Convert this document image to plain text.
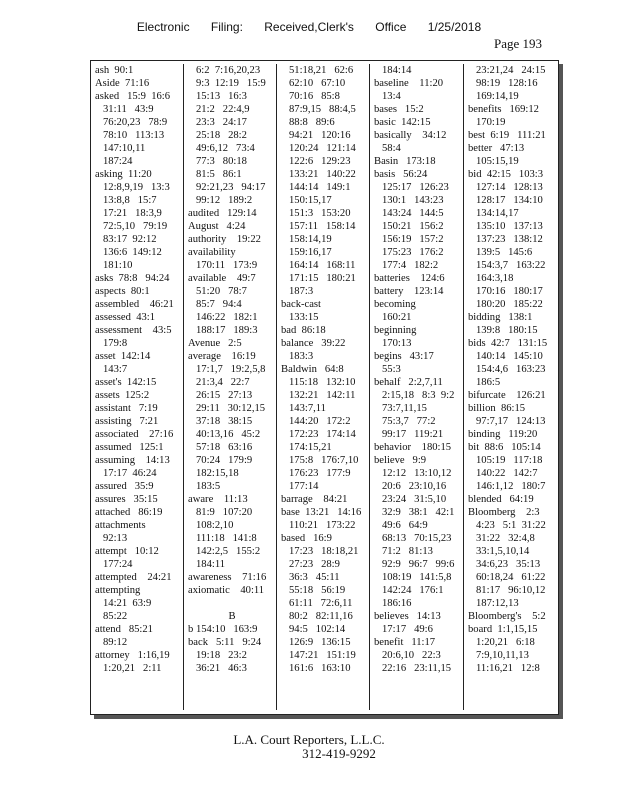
Electronic Filing: Received,Clerk's Office 1/25/2018
Page 193
ash  90:1
Aside  71:16
asked   15:9  16:6
31:11   43:9
76:20,23   78:9
78:10   113:13
147:10,11
187:24
asking  11:20
12:8,9,19   13:3
13:8,8   15:7
17:21   18:3,9
72:5,10   79:19
83:17  92:12
136:6  149:12
181:10
asks  78:8   94:24
aspects  80:1
assembled    46:21
assessed  43:1
assessment    43:5
179:8
asset  142:14
143:7
asset's  142:15
assets  125:2
assistant   7:19
assisting   7:21
associated    27:16
assumed   125:1
assuming    14:13
17:17  46:24
assured   35:9
assures   35:15
attached   86:19
attachments
92:13
attempt   10:12
177:24
attempted    24:21
attempting
14:21  63:9
85:22
attend   85:21
89:12
attorney   1:16,19
1:20,21   2:11
6:2  7:16,20,23
9:3  12:19   15:9
15:13   16:3
21:2   22:4,9
23:3   24:17
25:18   28:2
49:6,12   73:4
77:3   80:18
81:5   86:1
92:21,23   94:17
99:12   189:2
audited   129:14
August   4:24
authority    19:22
availability
170:11   173:9
available    49:7
51:20   78:7
85:7   94:4
146:22   182:1
188:17   189:3
Avenue   2:5
average    16:19
17:1,7   19:2,5,8
21:3,4   22:7
26:15   27:13
29:11   30:12,15
37:18   38:15
40:13,16   45:2
57:18   63:16
70:24   179:9
182:15,18
183:5
aware    11:13
81:9   107:20
108:2,10
111:18   141:8
142:2,5   155:2
184:11
awareness    71:16
axiomatic    40:11

B
b 154:10   163:9
back   5:11   9:24
19:18   23:2
36:21   46:3
51:18,21   62:6
62:10   67:10
70:16   85:8
87:9,15   88:4,5
88:8   89:6
94:21   120:16
120:24   121:14
122:6   129:23
133:21   140:22
144:14   149:1
150:15,17
151:3   153:20
157:11   158:14
158:14,19
159:16,17
164:14   168:11
171:15   180:21
187:3
back-cast
133:15
bad  86:18
balance   39:22
183:3
Baldwin   64:8
115:18   132:10
132:21   142:11
143:7,11
144:20   172:2
172:23   174:14
174:15,21
175:8   176:7,10
176:23   177:9
177:14
barrage    84:21
base  13:21   14:16
110:21   173:22
based   16:9
17:23   18:18,21
27:23   28:9
36:3   45:11
55:18   56:19
61:11   72:6,11
80:2   82:11,16
94:5   102:14
126:9   136:15
147:21   151:19
161:6   163:10
184:14
baseline    11:20
13:4
bases   15:2
basic  142:15
basically    34:12
58:4
Basin   173:18
basis   56:24
125:17   126:23
130:1   143:23
143:24   144:5
150:21   156:2
156:19   157:2
175:23   176:2
177:4   182:2
batteries    124:6
battery    123:14
becoming
160:21
beginning
170:13
begins   43:17
55:3
behalf   2:2,7,11
2:15,18   8:3  9:2
73:7,11,15
75:3,7   77:2
99:17   119:21
behavior    180:15
believe   9:9
12:12   13:10,12
20:6   23:10,16
23:24   31:5,10
32:9   38:1   42:1
49:6   64:9
68:13   70:15,23
71:2   81:13
92:9   96:7   99:6
108:19   141:5,8
142:24   176:1
186:16
believes   14:13
17:17   49:6
benefit   11:17
20:6,10   22:3
22:16   23:11,15
23:21,24   24:15
98:19   128:16
169:14,19
benefits   169:12
170:19
best  6:19   111:21
better   47:13
105:15,19
bid  42:15   103:3
127:14   128:13
128:17   134:10
134:14,17
135:10   137:13
137:23   138:12
139:5   145:6
154:3,7   163:22
164:3,18
170:16   180:17
180:20   185:22
bidding   138:1
139:8   180:15
bids  42:7   131:15
140:14   145:10
154:4,6   163:23
186:5
bifurcate    126:21
billion  86:15
97:7,17   124:13
binding   119:20
bit  88:6   105:14
105:19   117:18
140:22   142:7
146:1,12   180:7
blended   64:19
Bloomberg    2:3
4:23   5:1  31:22
31:22   32:4,8
33:1,5,10,14
34:6,23   35:13
60:18,24   61:22
81:17   96:10,12
187:12,13
Bloomberg's    5:2
board  1:1,15,15
1:20,21   6:18
7:9,10,11,13
11:16,21   12:8
L.A. Court Reporters, L.L.C.
312-419-9292
